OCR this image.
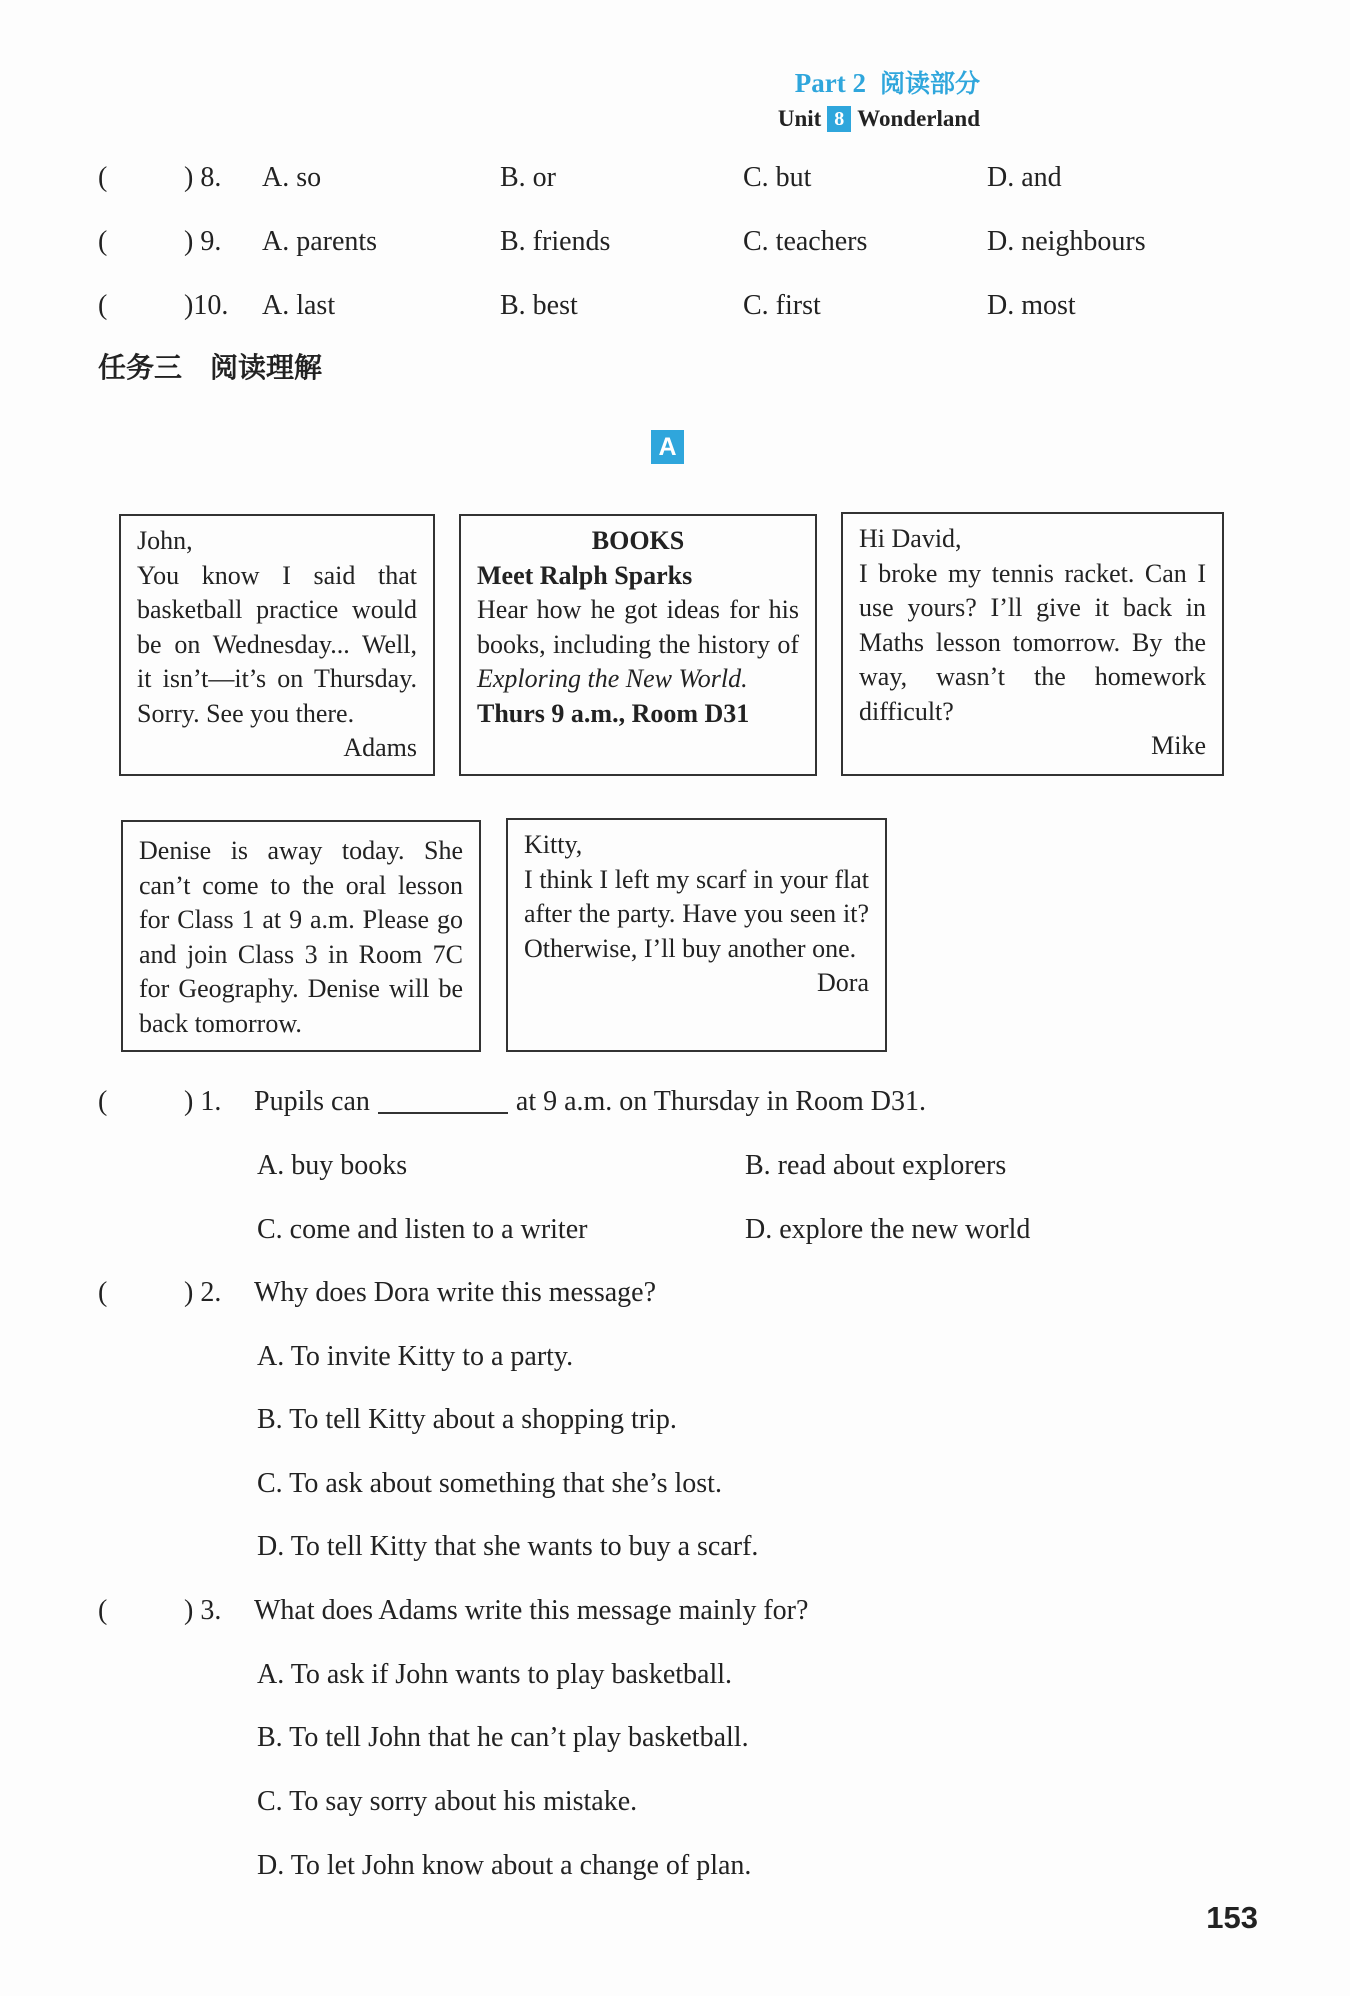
Part 2 阅读部分
Unit 8 Wonderland
(	) 8. A. so	B. or	C. but	D. and
(	) 9. A. parents	B. friends	C. teachers	D. neighbours
(	)10. A. last	B. best	C. first	D. most
任务三　阅读理解
A
John,
You know I said that basketball practice would be on Wednesday... Well, it isn’t—it’s on Thursday. Sorry. See you there.
Adams
BOOKS
Meet Ralph Sparks
Hear how he got ideas for his books, including the history of Exploring the New World.
Thurs 9 a.m., Room D31
Hi David,
I broke my tennis racket. Can I use yours? I’ll give it back in Maths lesson tomorrow. By the way, wasn’t the homework difficult?
Mike
Denise is away today. She can’t come to the oral lesson for Class 1 at 9 a.m. Please go and join Class 3 in Room 7C for Geography. Denise will be back tomorrow.
Kitty,
I think I left my scarf in your flat after the party. Have you seen it? Otherwise, I’ll buy another one.
Dora
(	) 1. Pupils can	at 9 a.m. on Thursday in Room D31.
A. buy books	B. read about explorers
C. come and listen to a writer	D. explore the new world
(	) 2. Why does Dora write this message?
A. To invite Kitty to a party.
B. To tell Kitty about a shopping trip.
C. To ask about something that she’s lost.
D. To tell Kitty that she wants to buy a scarf.
(	) 3. What does Adams write this message mainly for?
A. To ask if John wants to play basketball.
B. To tell John that he can’t play basketball.
C. To say sorry about his mistake.
D. To let John know about a change of plan.
153
